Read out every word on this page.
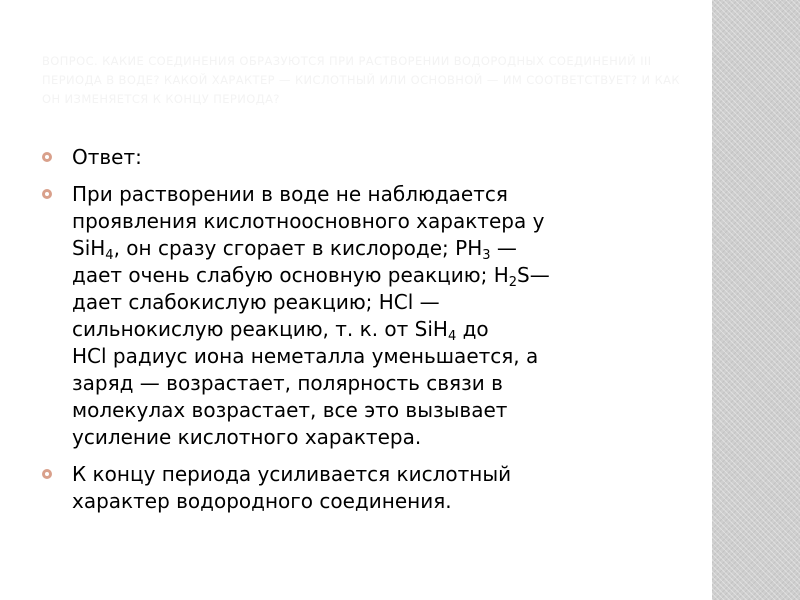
ВОПРОС. КАКИЕ СОЕДИНЕНИЯ ОБРАЗУЮТСЯ ПРИ РАСТВОРЕНИИ ВОДОРОДНЫХ СОЕДИНЕНИЙ III ПЕРИОДА В ВОДЕ? КАКОЙ ХАРАКТЕР — КИСЛОТНЫЙ ИЛИ ОСНОВНОЙ — ИМ СООТВЕТСТВУЕТ? И КАК ОН ИЗМЕНЯЕТСЯ К КОНЦУ ПЕРИОДА?
Ответ:
При растворении в воде не наблюдается
проявления кислотноосновного характера у
SiH$_4$, он сразу сгорает в кислороде; $PH_3$ —
дает очень слабую основную реакцию; $H_2S—$
дает слабокислую реакцию; HCl —
сильнокислую реакцию, т. к. от SiH$_4$ до
HCl радиус иона неметалла уменьшается, а
заряд — возрастает, полярность связи в
молекулах возрастает, все это вызывает
усиление кислотного характера.
К концу периода усиливается кислотный
характер водородного соединения.
